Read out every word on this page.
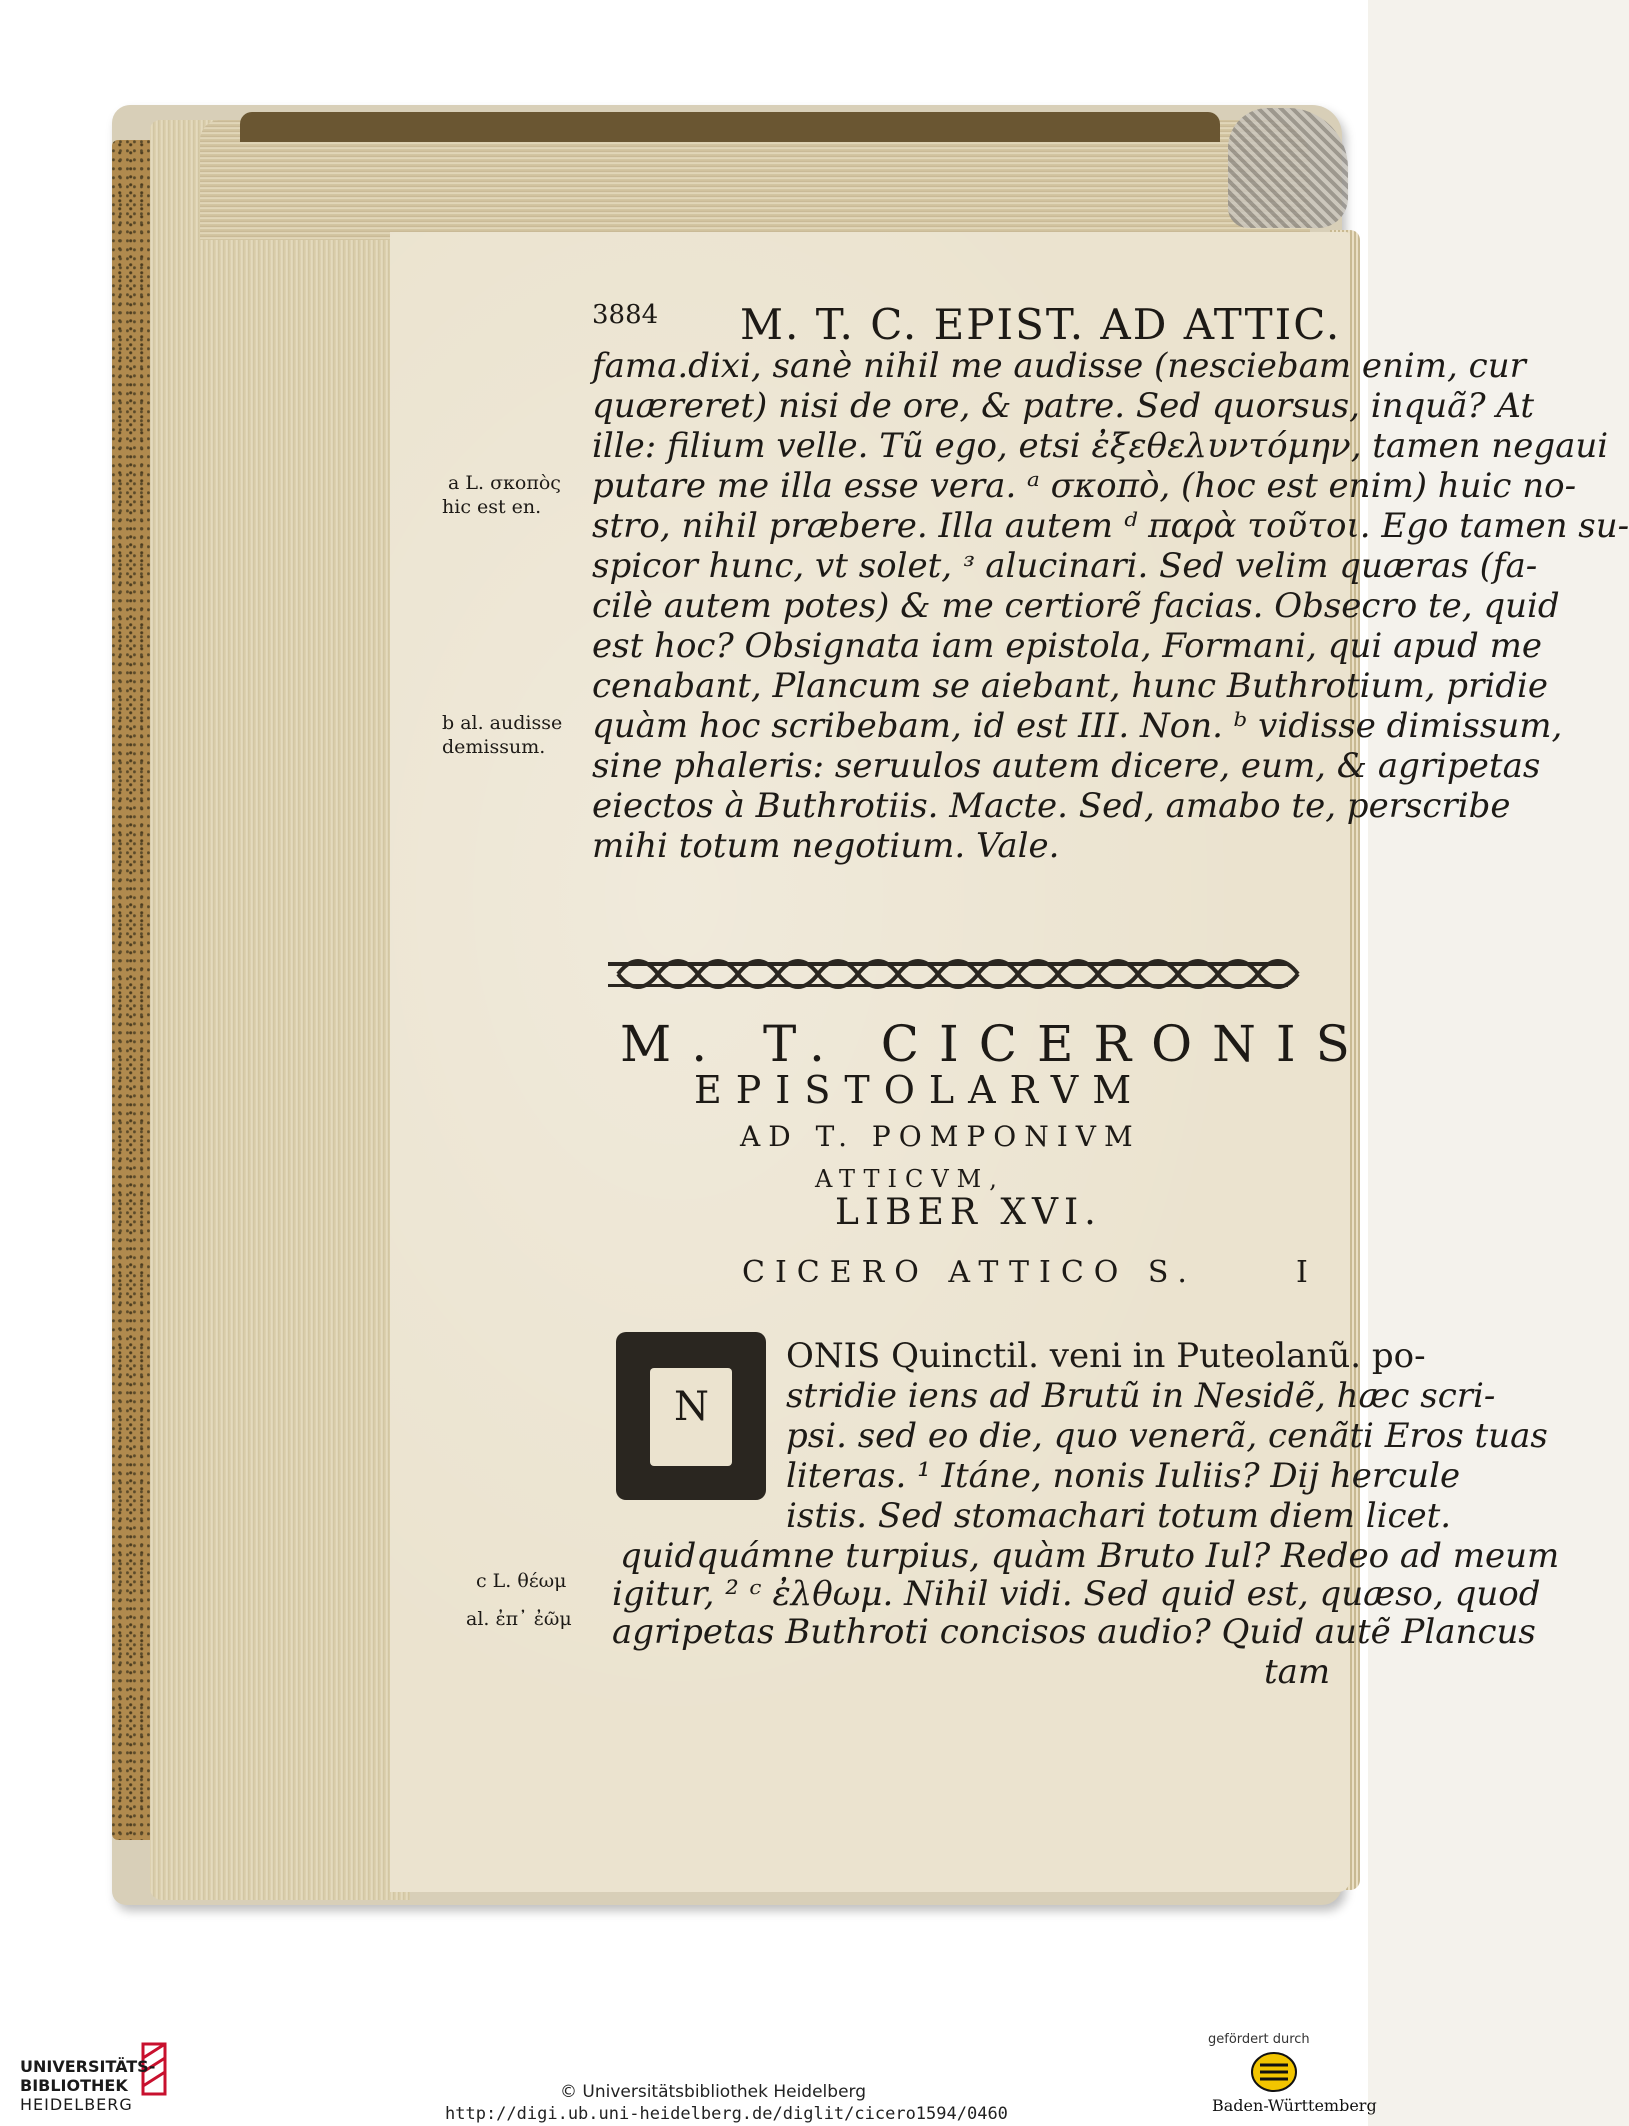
3884 M. T. C. EPIST. AD ATTIC.
fama.dixi, sanè nihil me audisse (nesciebam enim, cur
quæreret) nisi de ore, & patre. Sed quorsus, inquã? At
ille: filium velle. Tũ ego, etsi ἐξεθελυντόμην, tamen negaui
putare me illa esse vera. ᵃ σκοπὸ, (hoc est enim) huic no-
stro, nihil præbere. Illa autem ᵈ παρὰ τοῦτοι. Ego tamen su-
spicor hunc, vt solet, ᵌ alucinari. Sed velim quæras (fa-
cilè autem potes) & me certiorẽ facias. Obsecro te, quid
est hoc? Obsignata iam epistola, Formani, qui apud me
cenabant, Plancum se aiebant, hunc Buthrotium, pridie
quàm hoc scribebam, id est III. Non. ᵇ vidisse dimissum,
sine phaleris: seruulos autem dicere, eum, & agripetas
eiectos à Buthrotiis. Macte. Sed, amabo te, perscribe
mihi totum negotium. Vale.
a L. σκοπὸς
hic est en.
b al. audisse
demissum.
c L. θέωμ
al. ἐπ᾽ ἐῶμ
M. T. CICERONIS
EPISTOLARVM
AD T. POMPONIVM
ATTICVM,
LIBER XVI.
CICERO ATTICO S.	I
N
ONIS Quinctil. veni in Puteolanũ. po-
stridie iens ad Brutũ in Nesidẽ, hæc scri-
psi. sed eo die, quo venerã, cenãti Eros tuas
literas. ¹ Itáne, nonis Iuliis? Dij hercule
istis. Sed stomachari totum diem licet.
quidquámne turpius, quàm Bruto Iul? Redeo ad meum
igitur, ² ᶜ ἐλθωμ. Nihil vidi. Sed quid est, quæso, quod
agripetas Buthroti concisos audio? Quid autẽ Plancus
tam
UNIVERSITÄTS-
BIBLIOTHEK
HEIDELBERG
© Universitätsbibliothek Heidelberg
http://digi.ub.uni-heidelberg.de/diglit/cicero1594/0460
gefördert durch
Baden-Württemberg
